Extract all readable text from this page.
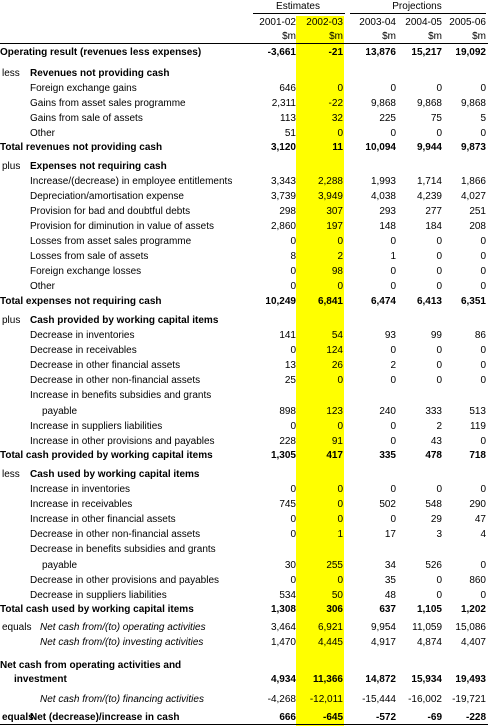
Estimates	Projections
2001-02	2002-03	2003-04 2004-05 2005-06
$m	$m	$m	$m	$m
Operating result (revenues less expenses)	-3,661	-21	13,876	15,217	19,092
less Revenues not providing cash
Foreign exchange gains	646	0	0	0	0
Gains from asset sales programme	2,311	-22	9,868	9,868	9,868
Gains from sale of assets	113	32	225	75	5
Other	51	0	0	0	0
Total revenues not providing cash	3,120	11	10,094	9,944	9,873
plus Expenses not requiring cash
Increase/(decrease) in employee entitlements	3,343	2,288	1,993	1,714	1,866
Depreciation/amortisation expense	3,739	3,949	4,038	4,239	4,027
Provision for bad and doubtful debts	298	307	293	277	251
Provision for diminution in value of assets	2,860	197	148	184	208
Losses from asset sales programme	0	0	0	0	0
Losses from sale of assets	8	2	1	0	0
Foreign exchange losses	0	98	0	0	0
Other	0	0	0	0	0
Total expenses not requiring cash	10,249	6,841	6,474	6,413	6,351
plus Cash provided by working capital items
Decrease in inventories	141	54	93	99	86
Decrease in receivables	0	124	0	0	0
Decrease in other financial assets	13	26	2	0	0
Decrease in other non-financial assets	25	0	0	0	0
Increase in benefits subsidies and grants
payable	898	123	240	333	513
Increase in suppliers liabilities	0	0	0	2	119
Increase in other provisions and payables	228	91	0	43	0
Total cash provided by working capital items	1,305	417	335	478	718
less Cash used by working capital items
Increase in inventories	0	0	0	0	0
Increase in receivables	745	0	502	548	290
Increase in other financial assets	0	0	0	29	47
Decrease in other non-financial assets	0	1	17	3	4
Decrease in benefits subsidies and grants
payable	30	255	34	526	0
Decrease in other provisions and payables	0	0	35	0	860
Decrease in suppliers liabilities	534	50	48	0	0
Total cash used by working capital items	1,308	306	637	1,105	1,202
equals Net cash from/(to) operating activities	3,464	6,921	9,954	11,059	15,086
Net cash from/(to) investing activities	1,470	4,445	4,917	4,874	4,407
Net cash from operating activities and
investment	4,934	11,366	14,872	15,934	19,493
Net cash from/(to) financing activities	-4,268	-12,011	-15,444	-16,002	-19,721
equals
Net (decrease)/increase in cash	666	-645	-572	-69	-228
